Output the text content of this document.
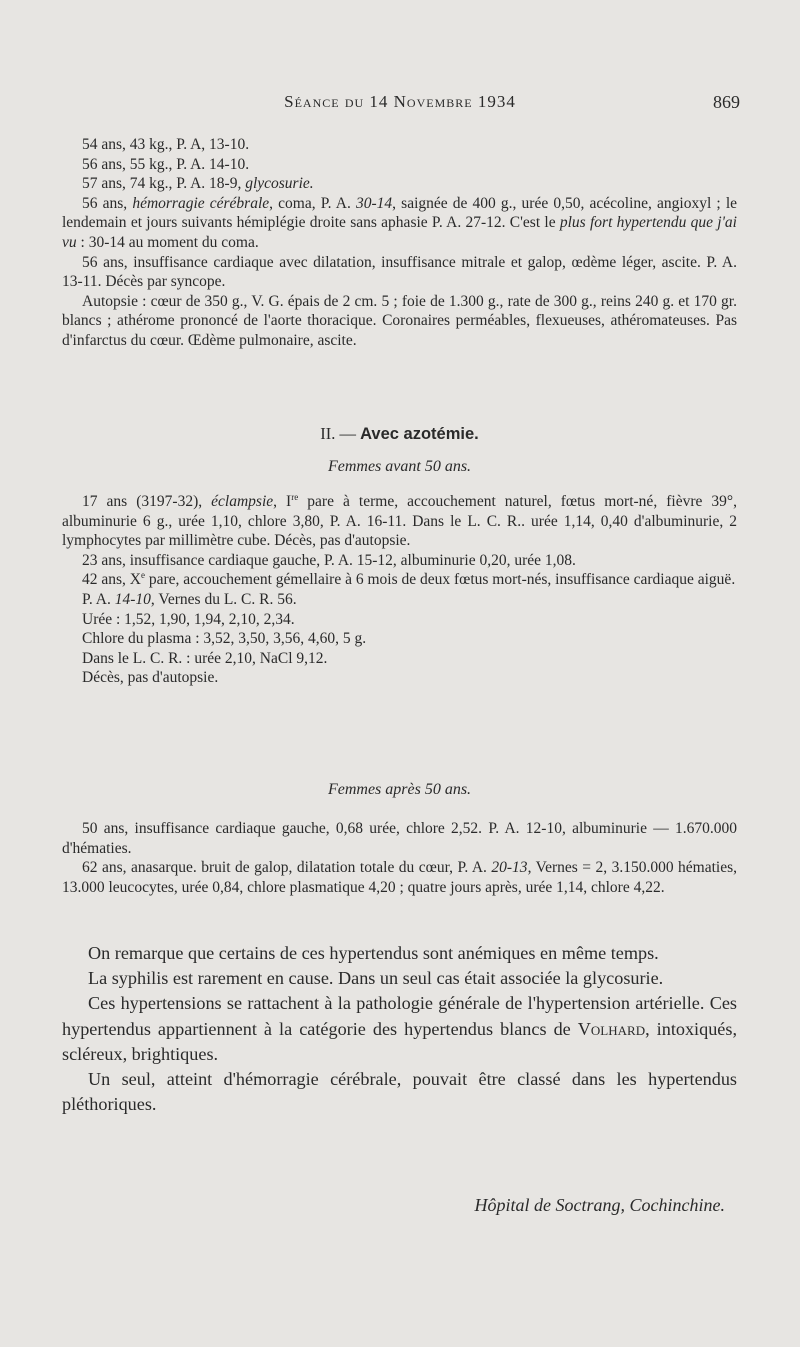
Séance du 14 Novembre 1934	869

54 ans, 43 kg., P. A, 13-10.

56 ans, 55 kg., P. A. 14-10.

57 ans, 74 kg., P. A. 18-9, glycosurie.

56 ans, hémorragie cérébrale, coma, P. A. 30-14, saignée de 400 g., urée 0,50, acécoline, angioxyl ; le lendemain et jours suivants hémiplégie droite sans aphasie P. A. 27-12. C'est le plus fort hypertendu que j'ai vu : 30-14 au moment du coma.

56 ans, insuffisance cardiaque avec dilatation, insuffisance mitrale et galop, œdème léger, ascite. P. A. 13-11. Décès par syncope.

Autopsie : cœur de 350 g., V. G. épais de 2 cm. 5 ; foie de 1.300 g., rate de 300 g., reins 240 g. et 170 gr. blancs ; athérome prononcé de l'aorte thoracique. Coronaires perméables, flexueuses, athéromateuses. Pas d'infarctus du cœur. Œdème pulmonaire, ascite.

II. — Avec azotémie.

Femmes avant 50 ans.

17 ans (3197-32), éclampsie, Ire pare à terme, accouchement naturel, fœtus mort-né, fièvre 39°, albuminurie 6 g., urée 1,10, chlore 3,80, P. A. 16-11. Dans le L. C. R.. urée 1,14, 0,40 d'albuminurie, 2 lymphocytes par millimètre cube. Décès, pas d'autopsie.

23 ans, insuffisance cardiaque gauche, P. A. 15-12, albuminurie 0,20, urée 1,08.

42 ans, Xe pare, accouchement gémellaire à 6 mois de deux fœtus mort-nés, insuffisance cardiaque aiguë.

P. A. 14-10, Vernes du L. C. R. 56.

Urée : 1,52, 1,90, 1,94, 2,10, 2,34.

Chlore du plasma : 3,52, 3,50, 3,56, 4,60, 5 g.

Dans le L. C. R. : urée 2,10, NaCl 9,12.

Décès, pas d'autopsie.

Femmes après 50 ans.

50 ans, insuffisance cardiaque gauche, 0,68 urée, chlore 2,52. P. A. 12-10, albuminurie — 1.670.000 d'hématies.

62 ans, anasarque. bruit de galop, dilatation totale du cœur, P. A. 20-13, Vernes = 2, 3.150.000 hématies, 13.000 leucocytes, urée 0,84, chlore plasmatique 4,20 ; quatre jours après, urée 1,14, chlore 4,22.

On remarque que certains de ces hypertendus sont anémiques en même temps.

La syphilis est rarement en cause. Dans un seul cas était associée la glycosurie.

Ces hypertensions se rattachent à la pathologie générale de l'hypertension artérielle. Ces hypertendus appartiennent à la catégorie des hypertendus blancs de Volhard, intoxiqués, scléreux, brightiques.

Un seul, atteint d'hémorragie cérébrale, pouvait être classé dans les hypertendus pléthoriques.

Hôpital de Soctrang, Cochinchine.
